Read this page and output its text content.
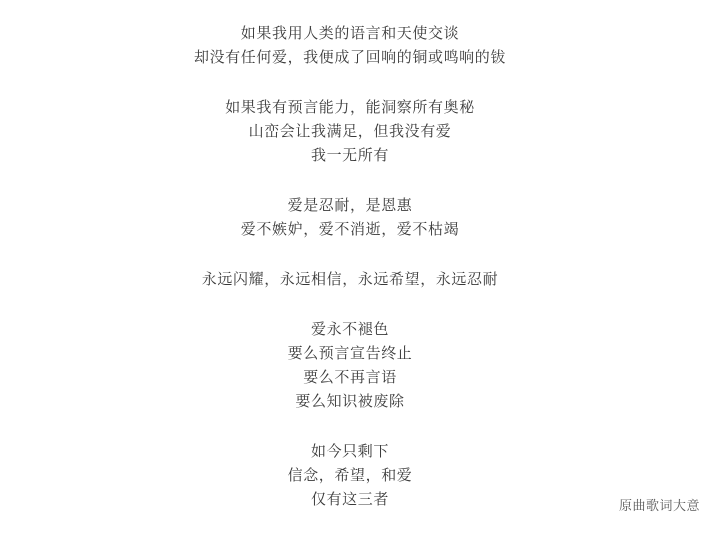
如果我用人类的语言和天使交谈
却没有任何爱，我便成了回响的铜或鸣响的钹
如果我有预言能力，能洞察所有奥秘
山峦会让我满足，但我没有爱
我一无所有
爱是忍耐，是恩惠
爱不嫉妒，爱不消逝，爱不枯竭
永远闪耀，永远相信，永远希望，永远忍耐
爱永不褪色
要么预言宣告终止
要么不再言语
要么知识被废除
如今只剩下
信念，希望，和爱
仅有这三者	原曲歌词大意
